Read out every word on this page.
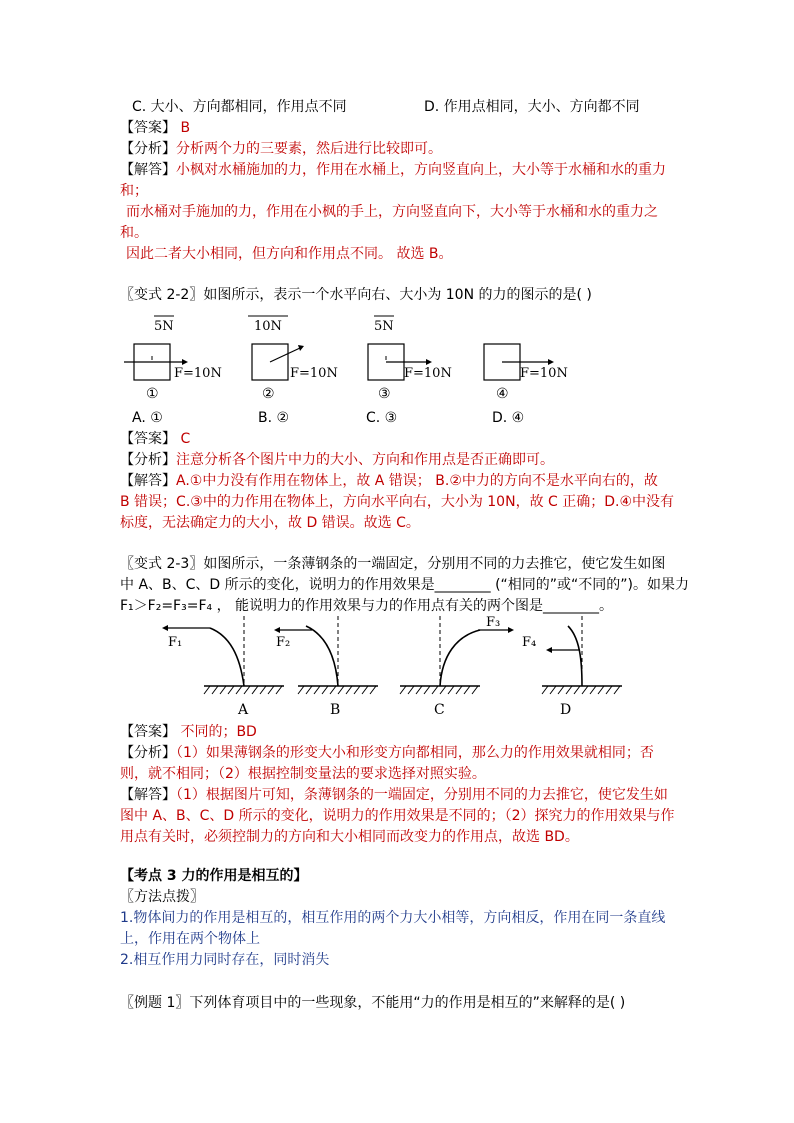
C. 大小、方向都相同，作用点不同	D. 作用点相同，大小、方向都不同
【答案】 B
【分析】分析两个力的三要素，然后进行比较即可。
【解答】小枫对水桶施加的力，作用在水桶上，方向竖直向上，大小等于水桶和水的重力
和；
而水桶对手施加的力，作用在小枫的手上，方向竖直向下，大小等于水桶和水的重力之
和。
因此二者大小相同，但方向和作用点不同。 故选 B。
〖变式 2-2〗如图所示，表示一个水平向右、大小为 10N 的力的图示的是( )
5N	10N	5N
F=10N
①
F=10N
②
F=10N
③
F=10N
④
A. ①	B. ②	C. ③	D. ④
【答案】 C
【分析】注意分析各个图片中力的大小、方向和作用点是否正确即可。
【解答】A.①中力没有作用在物体上，故 A 错误； B.②中力的方向不是水平向右的，故
B 错误；C.③中的力作用在物体上，方向水平向右，大小为 10N，故 C 正确；D.④中没有
标度，无法确定力的大小，故 D 错误。故选 C。
〖变式 2-3〗如图所示，一条薄钢条的一端固定，分别用不同的力去推它，使它发生如图
中 A、B、C、D 所示的变化，说明力的作用效果是________ (“相同的”或“不同的”)。如果力
F₁＞F₂=F₃=F₄ ， 能说明力的作用效果与力的作用点有关的两个图是________。
F₁
A
F₂
B
F₃
C
F₄
D
【答案】 不同的；BD
【分析】（1）如果薄钢条的形变大小和形变方向都相同，那么力的作用效果就相同；否
则，就不相同；（2）根据控制变量法的要求选择对照实验。
【解答】（1）根据图片可知，条薄钢条的一端固定，分别用不同的力去推它，使它发生如
图中 A、B、C、D 所示的变化，说明力的作用效果是不同的；（2）探究力的作用效果与作
用点有关时，必须控制力的方向和大小相同而改变力的作用点，故选 BD。
【考点 3 力的作用是相互的】
〖方法点拨〗
1.物体间力的作用是相互的，相互作用的两个力大小相等，方向相反，作用在同一条直线
上，作用在两个物体上
2.相互作用力同时存在，同时消失
〖例题 1〗下列体育项目中的一些现象，不能用“力的作用是相互的”来解释的是( )
